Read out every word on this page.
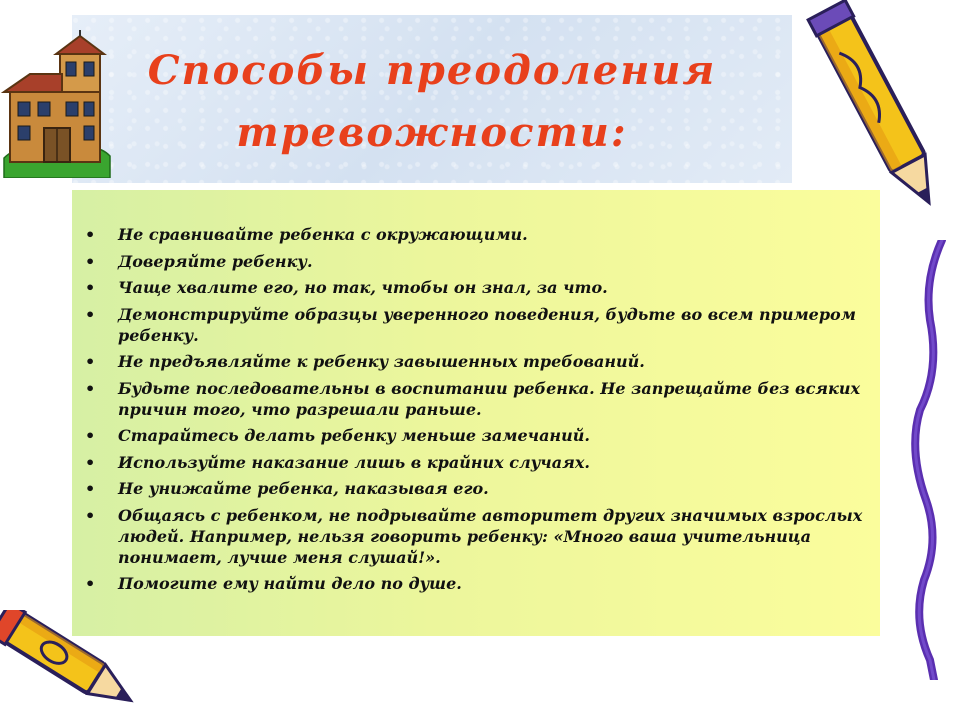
Способы преодоления тревожности:
• Не сравнивайте ребенка с окружающими.
• Доверяйте ребенку.
• Чаще хвалите его, но так, чтобы он знал, за что.
• Демонстрируйте образцы уверенного поведения, будьте во всем примером ребенку.
• Не предъявляйте к ребенку завышенных требований.
• Будьте последовательны в воспитании ребенка. Не запрещайте без всяких причин того, что разрешали раньше.
• Старайтесь делать ребенку меньше замечаний.
• Используйте наказание лишь в крайних случаях.
• Не унижайте ребенка, наказывая его.
• Общаясь с ребенком, не подрывайте авторитет других значимых взрослых людей. Например, нельзя говорить ребенку: «Много ваша учительница понимает, лучше меня слушай!».
• Помогите ему найти дело по душе.
